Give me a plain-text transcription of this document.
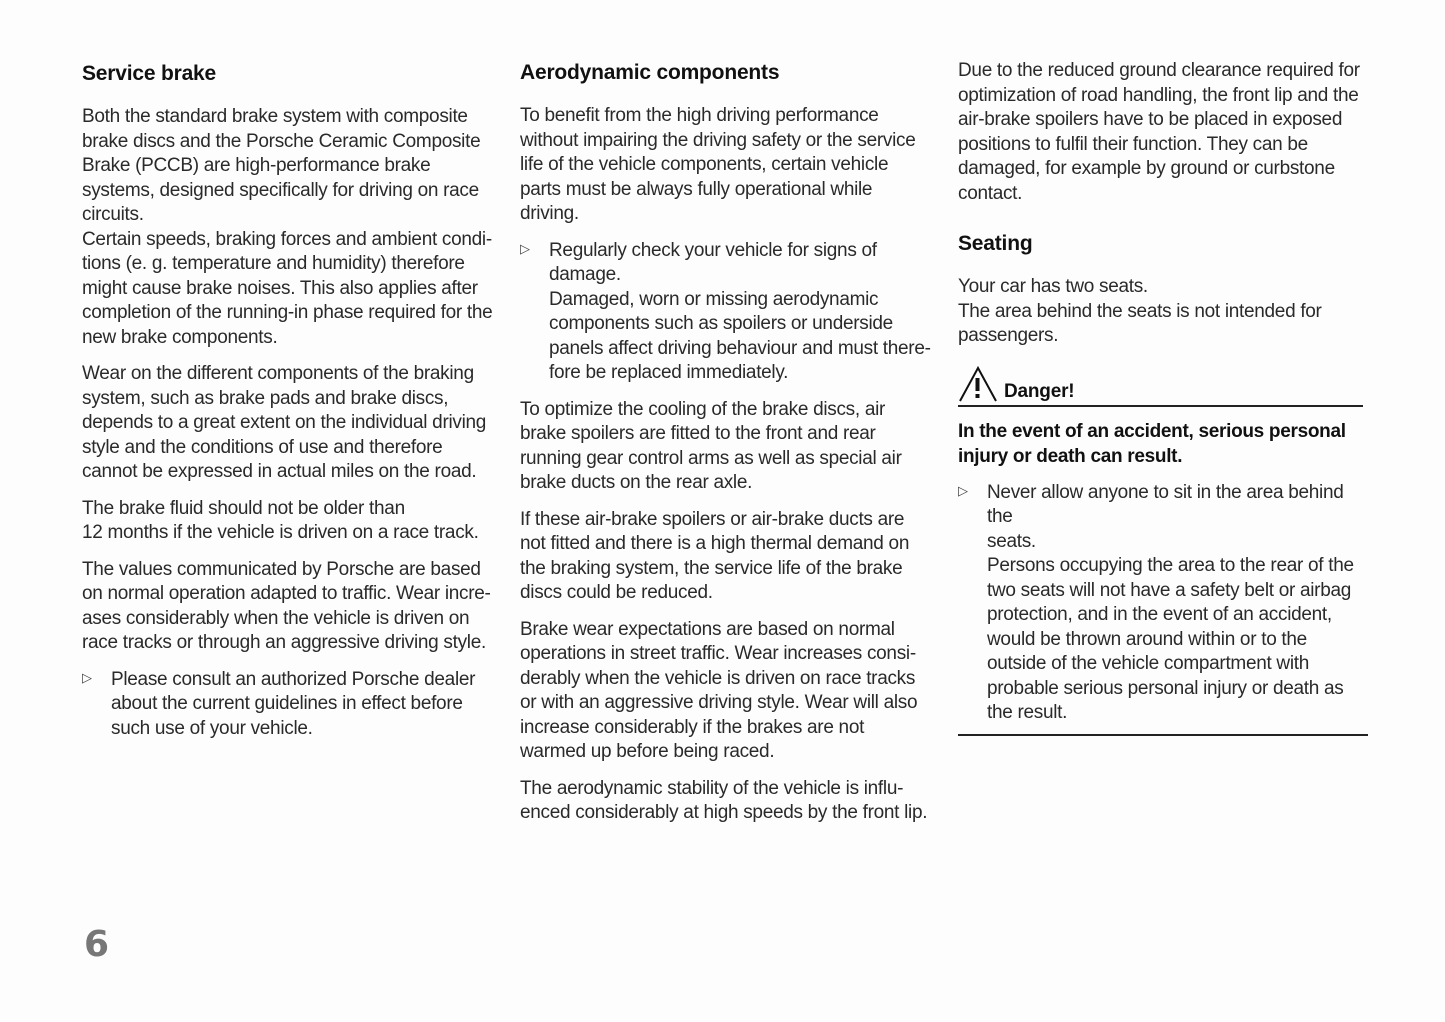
Service brake

Both the standard brake system with composite

brake discs and the Porsche Ceramic Composite

Brake (PCCB) are high-performance brake

systems, designed specifically for driving on race

circuits.

Certain speeds, braking forces and ambient condi-

tions (e. g. temperature and humidity) therefore

might cause brake noises. This also applies after

completion of the running-in phase required for the

new brake components.

Wear on the different components of the braking

system, such as brake pads and brake discs,

depends to a great extent on the individual driving

style and the conditions of use and therefore

cannot be expressed in actual miles on the road.

The brake fluid should not be older than

12 months if the vehicle is driven on a race track.

The values communicated by Porsche are based

on normal operation adapted to traffic. Wear incre-

ases considerably when the vehicle is driven on

race tracks or through an aggressive driving style.

▷ Please consult an authorized Porsche dealer

about the current guidelines in effect before

such use of your vehicle.

Aerodynamic components

To benefit from the high driving performance

without impairing the driving safety or the service

life of the vehicle components, certain vehicle

parts must be always fully operational while

driving.

▷ Regularly check your vehicle for signs of

damage.

Damaged, worn or missing aerodynamic

components such as spoilers or underside

panels affect driving behaviour and must there-

fore be replaced immediately.

To optimize the cooling of the brake discs, air

brake spoilers are fitted to the front and rear

running gear control arms as well as special air

brake ducts on the rear axle.

If these air-brake spoilers or air-brake ducts are

not fitted and there is a high thermal demand on

the braking system, the service life of the brake

discs could be reduced.

Brake wear expectations are based on normal

operations in street traffic. Wear increases consi-

derably when the vehicle is driven on race tracks

or with an aggressive driving style. Wear will also

increase considerably if the brakes are not

warmed up before being raced.

The aerodynamic stability of the vehicle is influ-

enced considerably at high speeds by the front lip.

Due to the reduced ground clearance required for

optimization of road handling, the front lip and the

air-brake spoilers have to be placed in exposed

positions to fulfil their function. They can be

damaged, for example by ground or curbstone

contact.

Seating

Your car has two seats.

The area behind the seats is not intended for

passengers.

Danger!

In the event of an accident, serious personal

injury or death can result.

▷ Never allow anyone to sit in the area behind the

seats.

Persons occupying the area to the rear of the

two seats will not have a safety belt or airbag

protection, and in the event of an accident,

would be thrown around within or to the

outside of the vehicle compartment with

probable serious personal injury or death as

the result.

6
